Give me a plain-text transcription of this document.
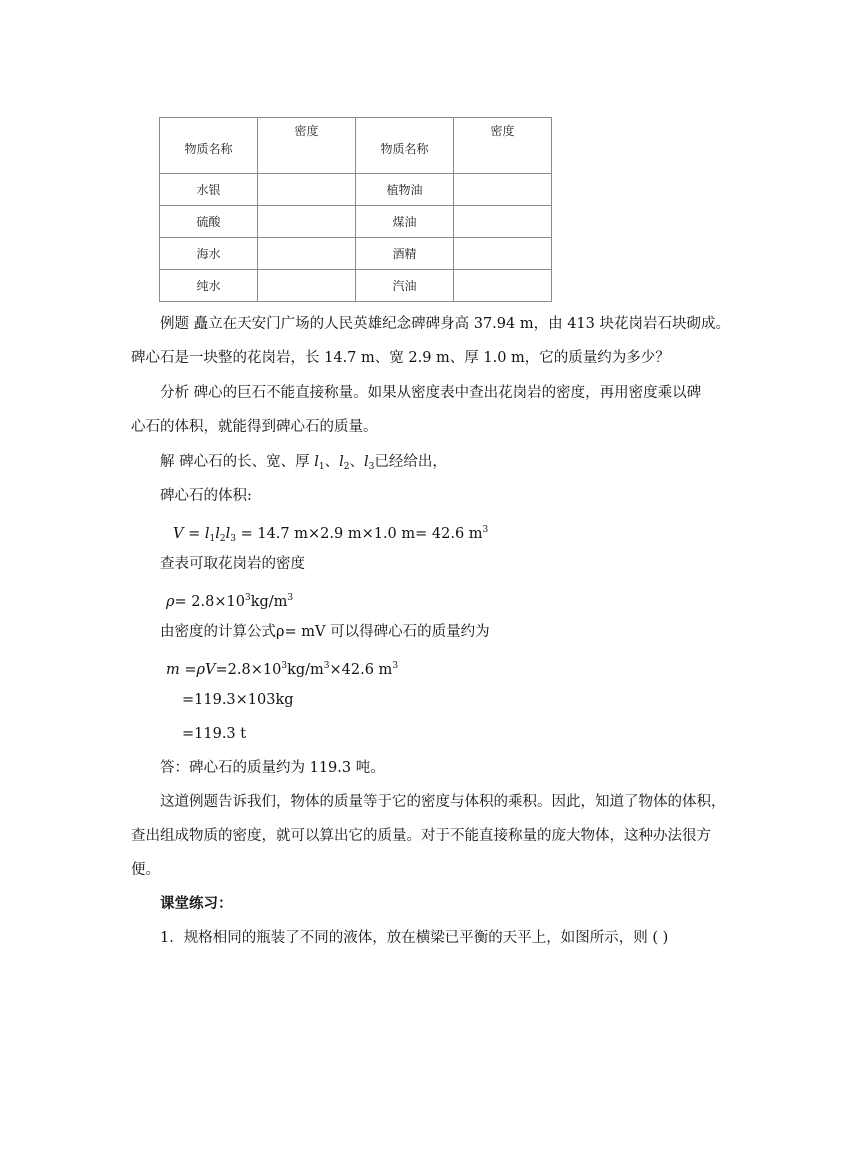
物质名称	密度	物质名称	密度
水银		植物油	
硫酸		煤油	
海水		酒精	
纯水		汽油	
例题 矗立在天安门广场的人民英雄纪念碑碑身高 37.94 m，由 413 块花岗岩石块砌成。
碑心石是一块整的花岗岩，长 14.7 m、宽 2.9 m、厚 1.0 m，它的质量约为多少？
分析 碑心的巨石不能直接称量。如果从密度表中查出花岗岩的密度，再用密度乘以碑
心石的体积，就能得到碑心石的质量。
解 碑心石的长、宽、厚 $l_1$、$l_2$、$l_3$已经给出，
碑心石的体积:
$V = l_1l_2l_3 = 14.7$ m×2.9 m×1.0 m= 42.6 $m^3$
查表可取花岗岩的密度
$\rho= 2.8\times 10^3kg/m^3$
由密度的计算公式ρ= mV 可以得碑心石的质量约为
$m =\rho V=2.8\times 10^3kg/m^3\times 42.6$ $m^3$
=119.3×103kg
=119.3 t
答：碑心石的质量约为 119.3 吨。
这道例题告诉我们，物体的质量等于它的密度与体积的乘积。因此，知道了物体的体积，
查出组成物质的密度，就可以算出它的质量。对于不能直接称量的庞大物体，这种办法很方
便。
课堂练习：
1．规格相同的瓶装了不同的液体，放在横梁已平衡的天平上，如图所示，则 ( )
